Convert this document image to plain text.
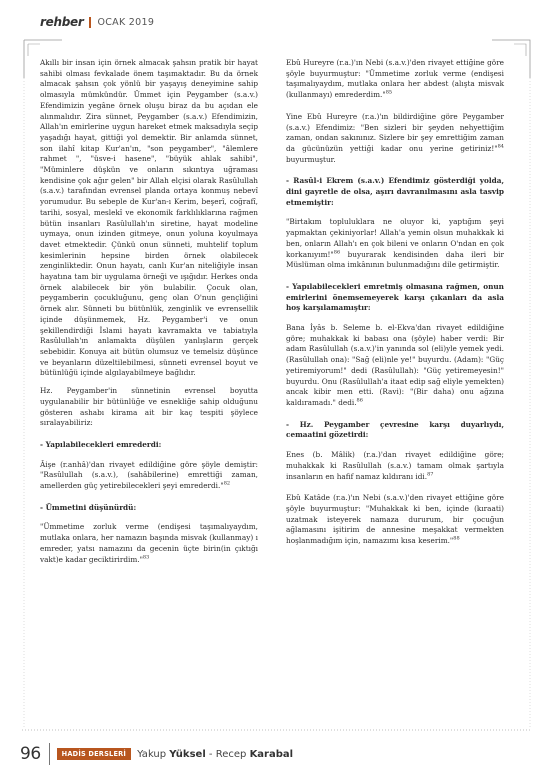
rehber OCAK 2019

Akıllı bir insan için örnek almacak şahsın pratik bir hayat sahibi olması fevkalade önem taşımaktadır. Bu da örnek almacak şahsın çok yönlü bir yaşayış deneyimine sahip olmasıyla mümkündür. Ümmet için Peygamber (s.a.v.) Efendimizin yegâne örnek oluşu biraz da bu açıdan ele alınmalıdır. Zira sünnet, Peygamber (s.a.v.) Efendimizin, Allah'ın emirlerine uygun hareket etmek maksadıyla seçip yaşadığı hayat, gittiği yol demektir. Bir anlamda sünnet, son ilahî kitap Kur'an'ın, "son peygamber", "âlemlere rahmet ", "üsve-i hasene", "büyük ahlak sahibi", "Müminlere düşkün ve onların sıkıntıya uğraması kendisine çok ağır gelen" bir Allah elçisi olarak Rasûlullah (s.a.v.) tarafından evrensel planda ortaya konmuş nebevî yorumudur. Bu sebeple de Kur'an-ı Kerim, beşerî, coğrafî, tarihi, sosyal, meslekî ve ekonomik farklılıklarına rağmen bütün insanları Rasûlullah'ın siretine, hayat modeline uymaya, onun izinden gitmeye, onun yoluna koyulmaya davet etmektedir. Çünkü onun sünneti, muhtelif toplum kesimlerinin hepsine birden örnek olabilecek zenginliktedir. Onun hayatı, canlı Kur'an niteliğiyle insan hayatına tam bir uygulama örneği ve ışığıdır. Herkes onda örnek alabilecek bir yön bulabilir. Çocuk olan, peygamberin çocukluğunu, genç olan O'nun gençliğini örnek alır. Sünneti bu bütünlük, zenginlik ve evrensellik içinde düşünmemek, Hz. Peygamber'i ve onun şekillendirdiği İslami hayatı kavramakta ve tabiatıyla Rasûlullah'ın anlamakta düşülen yanlışların gerçek sebebidir. Konuya ait bütün olumsuz ve temelsiz düşünce ve beyanların düzeltilebilmesi, sünneti evrensel boyut ve bütünlüğü içinde algılayabilmeye bağlıdır.

Hz. Peygamber'in sünnetinin evrensel boyutta uygulanabilir bir bütünlüğe ve esnekliğe sahip olduğunu gösteren ashabı kirama ait bir kaç tespiti şöylece sıralayabiliriz:

- Yapılabilecekleri emrederdi:

Âişe (r.anhâ)'dan rivayet edildiğine göre şöyle demiştir: "Rasûlullah (s.a.v.), (sahâbilerine) emrettiği zaman, amellerden güç yetirebilecekleri şeyi emrederdi."$^{82}$

- Ümmetini düşünürdü:

"Ümmetime zorluk verme (endişesi taşımalıyaydım, mutlaka onlara, her namazın başında misvak (kullanmay) ı emreder, yatsı namazını da gecenin üçte birin(in çıktığı vakt)e kadar geciktirirdim."$^{83}$

Ebû Hureyre (r.a.)'ın Nebi (s.a.v.)'den rivayet ettiğine göre şöyle buyurmuştur: "Ümmetime zorluk verme (endişesi taşımalıyaydım, mutlaka onlara her abdest (alışta misvak (kullanmayı) emrederdim."$^{85}$

Yine Ebû Hureyre (r.a.)'ın bildirdiğine göre Peygamber (s.a.v.) Efendimiz: "Ben sizleri bir şeyden nehyettiğim zaman, ondan sakınınız. Sizlere bir şey emrettiğim zaman da gücünüzün yettiği kadar onu yerine getiriniz!"$^{84}$ buyurmuştur.

- Rasûl-i Ekrem (s.a.v.) Efendimiz gösterdiği yolda, dini gayretle de olsa, aşırı davranılmasını asla tasvip etmemiştir:

"Birtakım topluluklara ne oluyor ki, yaptığım şeyi yapmaktan çekiniyorlar! Allah'a yemin olsun muhakkak ki ben, onların Allah'ı en çok bileni ve onların O'ndan en çok korkanıyım!"$^{86}$ buyurarak kendisinden daha ileri bir Müslüman olma imkânının bulunmadığını dile getirmiştir.

- Yapılabilecekleri emretmiş olmasına rağmen, onun emirlerini önemsemeyerek karşı çıkanları da asla hoş karşılamamıştır:

Bana İyâs b. Seleme b. el-Ekva'dan rivayet edildiğine göre; muhakkak ki babası ona (şöyle) haber verdi: Bir adam Rasûlullah (s.a.v.)'in yanında sol (eli)yle yemek yedi. (Rasûlullah ona): "Sağ (eli)nle ye!" buyurdu. (Adam): "Güç yetiremiyorum!" dedi (Rasûlullah): "Güç yetiremeyesin!" buyurdu. Onu (Rasûlullah'a itaat edip sağ eliyle yemekten) ancak kibir men etti. (Ravi): "(Bir daha) onu ağzına kaldıramadı." dedi.$^{86}$

- Hz. Peygamber çevresine karşı duyarlıydı, cemaatini gözetirdi:

Enes (b. Mâlik) (r.a.)'dan rivayet edildiğine göre; muhakkak ki Rasûlullah (s.a.v.) tamam olmak şartıyla insanların en hafif namaz kıldıranı idi.$^{87}$

Ebû Katâde (r.a.)'ın Nebi (s.a.v.)'den rivayet ettiğine göre şöyle buyurmuştur: "Muhakkak ki ben, içinde (kıraati) uzatmak isteyerek namaza dururum, bir çocuğun ağlamasını işitirim de annesine meşakkat vermekten hoşlanmadığım için, namazımı kısa keserim."$^{88}$

96	HADİS DERSLERİ	Yakup Yüksel - Recep Karabal
